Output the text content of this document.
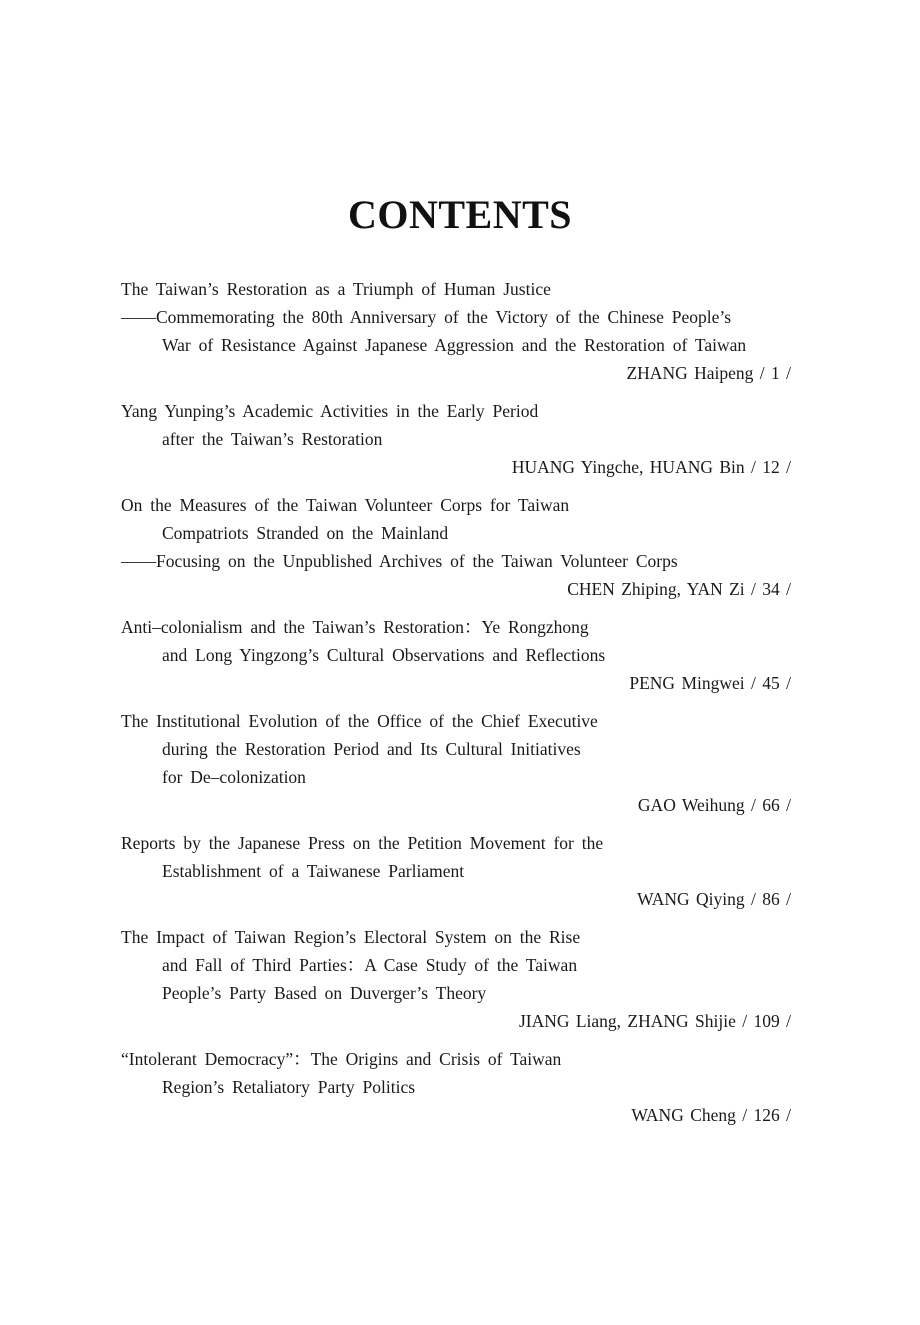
CONTENTS
The Taiwan’s Restoration as a Triumph of Human Justice
——Commemorating the 80th Anniversary of the Victory of the Chinese People’s
War of Resistance Against Japanese Aggression and the Restoration of Taiwan
ZHANG Haipeng / 1 /
Yang Yunping’s Academic Activities in the Early Period
after the Taiwan’s Restoration
HUANG Yingche, HUANG Bin / 12 /
On the Measures of the Taiwan Volunteer Corps for Taiwan
Compatriots Stranded on the Mainland
——Focusing on the Unpublished Archives of the Taiwan Volunteer Corps
CHEN Zhiping, YAN Zi / 34 /
Anti–colonialism and the Taiwan’s Restoration：Ye Rongzhong
and Long Yingzong’s Cultural Observations and Reflections
PENG Mingwei / 45 /
The Institutional Evolution of the Office of the Chief Executive
during the Restoration Period and Its Cultural Initiatives
for De–colonization
GAO Weihung / 66 /
Reports by the Japanese Press on the Petition Movement for the
Establishment of a Taiwanese Parliament
WANG Qiying / 86 /
The Impact of Taiwan Region’s Electoral System on the Rise
and Fall of Third Parties：A Case Study of the Taiwan
People’s Party Based on Duverger’s Theory
JIANG Liang, ZHANG Shijie / 109 /
“Intolerant Democracy”：The Origins and Crisis of Taiwan
Region’s Retaliatory Party Politics
WANG Cheng / 126 /
